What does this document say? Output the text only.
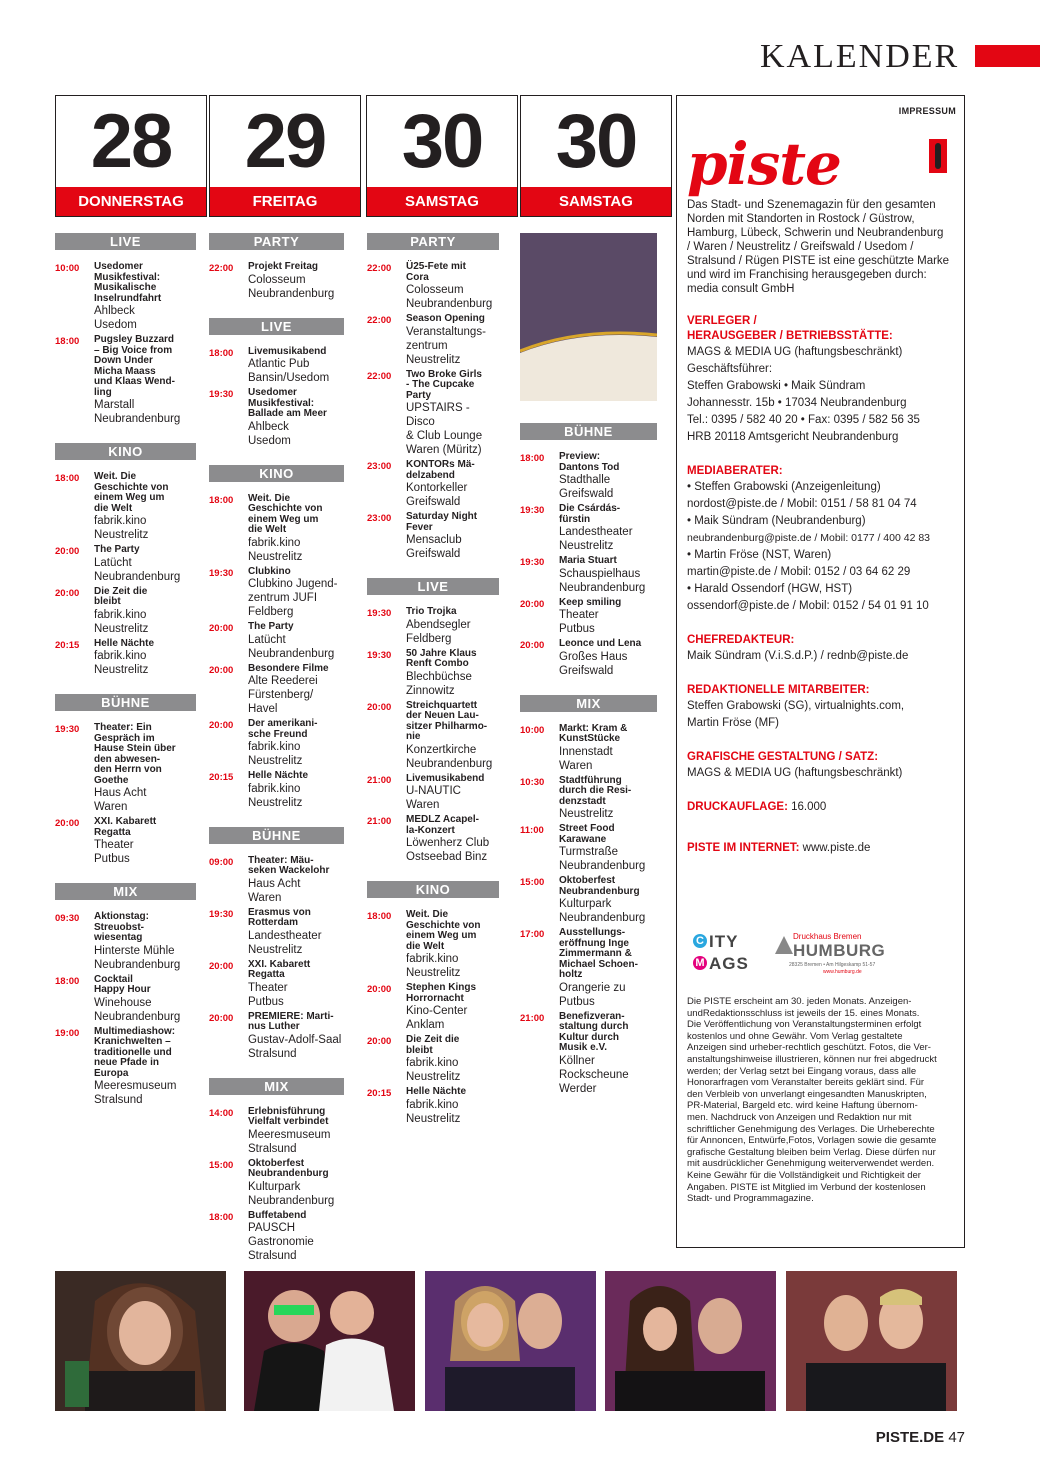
KALENDER
28
DONNERSTAG
29
FREITAG
30
SAMSTAG
30
SAMSTAG
LIVE
10:00	Usedomer
Musikfestival:
Musikalische
Inselrundfahrt
Ahlbeck
Usedom
18:00	Pugsley Buzzard
– Big Voice from
Down Under
Micha Maass
und Klaas Wend-
ling
Marstall
Neubrandenburg
KINO
18:00	Weit. Die
Geschichte von
einem Weg um
die Welt
fabrik.kino
Neustrelitz
20:00	The Party
Latücht
Neubrandenburg
20:00	Die Zeit die
bleibt
fabrik.kino
Neustrelitz
20:15	Helle Nächte
fabrik.kino
Neustrelitz
BÜHNE
19:30	Theater: Ein
Gespräch im
Hause Stein über
den abwesen-
den Herrn von
Goethe
Haus Acht
Waren
20:00	XXI. Kabarett
Regatta
Theater
Putbus
MIX
09:30	Aktionstag:
Streuobst-
wiesentag
Hinterste Mühle
Neubrandenburg
18:00	Cocktail
Happy Hour
Winehouse
Neubrandenburg
19:00	Multimediashow:
Kranichwelten –
traditionelle und
neue Pfade in
Europa
Meeresmuseum
Stralsund
PARTY
22:00	Projekt Freitag
Colosseum
Neubrandenburg
LIVE
18:00	Livemusikabend
Atlantic Pub
Bansin/Usedom
19:30	Usedomer
Musikfestival:
Ballade am Meer
Ahlbeck
Usedom
KINO
18:00	Weit. Die
Geschichte von
einem Weg um
die Welt
fabrik.kino
Neustrelitz
19:30	Clubkino
Clubkino Jugend-
zentrum JUFI
Feldberg
20:00	The Party
Latücht
Neubrandenburg
20:00	Besondere Filme
Alte Reederei
Fürstenberg/
Havel
20:00	Der amerikani-
sche Freund
fabrik.kino
Neustrelitz
20:15	Helle Nächte
fabrik.kino
Neustrelitz
BÜHNE
09:00	Theater: Mäu-
seken Wackelohr
Haus Acht
Waren
19:30	Erasmus von
Rotterdam
Landestheater
Neustrelitz
20:00	XXI. Kabarett
Regatta
Theater
Putbus
20:00	PREMIERE: Marti-
nus Luther
Gustav-Adolf-Saal
Stralsund
MIX
14:00	Erlebnisführung
Vielfalt verbindet
Meeresmuseum
Stralsund
15:00	Oktoberfest
Neubrandenburg
Kulturpark
Neubrandenburg
18:00	Buffetabend
PAUSCH
Gastronomie
Stralsund
PARTY
22:00	Ü25-Fete mit
Cora
Colosseum
Neubrandenburg
22:00	Season Opening
Veranstaltungs-
zentrum
Neustrelitz
22:00	Two Broke Girls
- The Cupcake
Party
UPSTAIRS - Disco
& Club Lounge
Waren (Müritz)
23:00	KONTORs Mä-
delzabend
Kontorkeller
Greifswald
23:00	Saturday Night
Fever
Mensaclub
Greifswald
LIVE
19:30	Trio Trojka
Abendsegler
Feldberg
19:30	50 Jahre Klaus
Renft Combo
Blechbüchse
Zinnowitz
20:00	Streichquartett
der Neuen Lau-
sitzer Philharmo-
nie
Konzertkirche
Neubrandenburg
21:00	Livemusikabend
U-NAUTIC
Waren
21:00	MEDLZ Acapel-
la-Konzert
Löwenherz Club
Ostseebad Binz
KINO
18:00	Weit. Die
Geschichte von
einem Weg um
die Welt
fabrik.kino
Neustrelitz
20:00	Stephen Kings
Horrornacht
Kino-Center
Anklam
20:00	Die Zeit die
bleibt
fabrik.kino
Neustrelitz
20:15	Helle Nächte
fabrik.kino
Neustrelitz
BÜHNE
18:00	Preview:
Dantons Tod
Stadthalle
Greifswald
19:30	Die Csárdás-
fürstin
Landestheater
Neustrelitz
19:30	Maria Stuart
Schauspielhaus
Neubrandenburg
20:00	Keep smiling
Theater
Putbus
20:00	Leonce und Lena
Großes Haus
Greifswald
MIX
10:00	Markt: Kram &
KunstStücke
Innenstadt
Waren
10:30	Stadtführung
durch die Resi-
denzstadt
Neustrelitz
11:00	Street Food
Karawane
Turmstraße
Neubrandenburg
15:00	Oktoberfest
Neubrandenburg
Kulturpark
Neubrandenburg
17:00	Ausstellungs-
eröffnung Inge
Zimmermann &
Michael Schoen-
holtz
Orangerie zu
Putbus
21:00	Benefizveran-
staltung durch
Kultur durch
Musik e.V.
Köllner
Rockscheune
Werder
IMPRESSUM
piste
Das Stadt- und Szenemagazin für den gesamten
Norden mit Standorten in Rostock / Güstrow,
Hamburg, Lübeck, Schwerin und Neubrandenburg
/ Waren / Neustrelitz / Greifswald / Usedom /
Stralsund / Rügen PISTE ist eine geschützte Marke
und wird im Franchising herausgegeben durch:
media consult GmbH
VERLEGER /
HERAUSGEBER / BETRIEBSSTÄTTE:
MAGS & MEDIA UG (haftungsbeschränkt)
Geschäftsführer:
Steffen Grabowski • Maik Sündram
Johannesstr. 15b • 17034 Neubrandenburg
Tel.: 0395 / 582 40 20 • Fax: 0395 / 582 56 35
HRB 20118 Amtsgericht Neubrandenburg
MEDIABERATER:
• Steffen Grabowski (Anzeigenleitung)
nordost@piste.de / Mobil: 0151 / 58 81 04 74
• Maik Sündram (Neubrandenburg)
neubrandenburg@piste.de / Mobil: 0177 / 400 42 83
• Martin Fröse (NST, Waren)
martin@piste.de / Mobil: 0152 / 03 64 62 29
• Harald Ossendorf (HGW, HST)
ossendorf@piste.de / Mobil: 0152 / 54 01 91 10
CHEFREDAKTEUR:
Maik Sündram (V.i.S.d.P.) / rednb@piste.de
REDAKTIONELLE MITARBEITER:
Steffen Grabowski (SG), virtualnights.com,
Martin Fröse (MF)
GRAFISCHE GESTALTUNG / SATZ:
MAGS & MEDIA UG (haftungsbeschränkt)
DRUCKAUFLAGE: 16.000
PISTE IM INTERNET: www.piste.de
C ITY
M AGS
Druckhaus Bremen
HUMBURG
28325 Bremen • Am Hilgeskamp 51-57
www.humburg.de
Die PISTE erscheint am 30. jeden Monats. Anzeigen-
undRedaktionsschluss ist jeweils der 15. eines Monats.
Die Veröffentlichung von Veranstaltungsterminen erfolgt
kostenlos und ohne Gewähr. Vom Verlag gestaltete
Anzeigen sind urheber-rechtlich geschützt. Fotos, die Ver-
anstaltungshinweise illustrieren, können nur frei abgedruckt
werden; der Verlag setzt bei Eingang voraus, dass alle
Honorarfragen vom Veranstalter bereits geklärt sind. Für
den Verbleib von unverlangt eingesandten Manuskripten,
PR-Material, Bargeld etc. wird keine Haftung übernom-
men. Nachdruck von Anzeigen und Redaktion nur mit
schriftlicher Genehmigung des Verlages. Die Urheberechte
für Annoncen, Entwürfe,Fotos, Vorlagen sowie die gesamte
grafische Gestaltung bleiben beim Verlag. Diese dürfen nur
mit ausdrücklicher Genehmigung weiterverwendet werden.
Keine Gewähr für die Vollständigkeit und Richtigkeit der
Angaben. PISTE ist Mitglied im Verbund der kostenlosen
Stadt- und Programmagazine.
PISTE.DE 47
